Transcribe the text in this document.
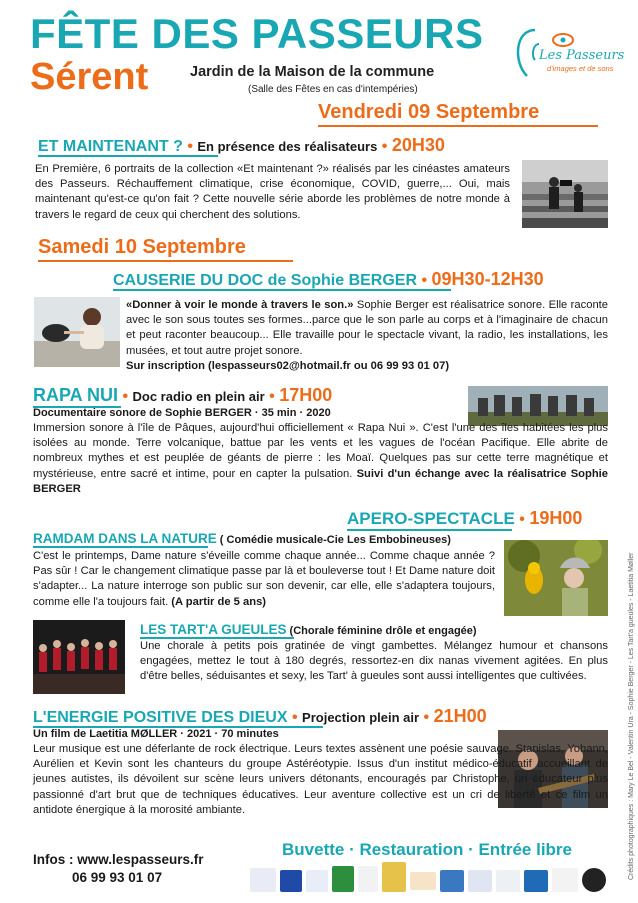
FÊTE DES PASSEURS
Sérent	Jardin de la Maison de la commune
(Salle des Fêtes en cas d'intempéries)
Les Passeurs
d'images et de sons
Vendredi 09 Septembre
ET MAINTENANT ? • En présence des réalisateurs • 20H30
En Première, 6 portraits de la collection «Et maintenant ?» réalisés par les cinéastes amateurs des Passeurs. Réchauffement climatique, crise économique, COVID, guerre,... Oui, mais maintenant qu'est-ce qu'on fait ? Cette nouvelle série aborde les problèmes de notre monde à travers le regard de ceux qui cherchent des solutions.
Samedi 10 Septembre
CAUSERIE DU DOC de Sophie BERGER • 09H30-12H30
«Donner à voir le monde à travers le son.» Sophie Berger est réalisatrice sonore. Elle raconte avec le son sous toutes ses formes...parce que le son parle au corps et à l'imaginaire de chacun et peut raconter beaucoup... Elle travaille pour le spectacle vivant, la radio, les installations, les musées, et tout autre projet sonore.
Sur inscription (lespasseurs02@hotmail.fr ou 06 99 93 01 07)
RAPA NUI • Doc radio en plein air • 17H00
Documentaire sonore de Sophie BERGER · 35 min · 2020
Immersion sonore à l'île de Pâques, aujourd'hui officiellement « Rapa Nui ». C'est l'une des îles habitées les plus isolées au monde. Terre volcanique, battue par les vents et les vagues de l'océan Pacifique. Elle abrite de nombreux mythes et est peuplée de géants de pierre : les Moaï. Quelques pas sur cette terre magnétique et mystérieuse, entre sacré et intime, pour en capter la pulsation. Suivi d'un échange avec la réalisatrice Sophie BERGER
APERO-SPECTACLE • 19H00
RAMDAM DANS LA NATURE ( Comédie musicale-Cie Les Embobineuses)
C'est le printemps, Dame nature s'éveille comme chaque année... Comme chaque année ? Pas sûr ! Car le changement climatique passe par là et bouleverse tout ! Et Dame nature doit s'adapter... La nature interroge son public sur son devenir, car elle, elle s'adaptera toujours, comme elle l'a toujours fait. (A partir de 5 ans)
LES TART'A GUEULES (Chorale féminine drôle et engagée)
Une chorale à petits pois gratinée de vingt gambettes. Mélangez humour et chansons engagées, mettez le tout à 180 degrés, ressortez-en dix nanas vivement agitées. En plus d'être belles, séduisantes et sexy, les Tart' à gueules sont aussi intelligentes que cultivées.
L'ENERGIE POSITIVE DES DIEUX • Projection plein air • 21H00
Un film de Laetitia MØLLER · 2021 · 70 minutes
Leur musique est une déferlante de rock électrique. Leurs textes assènent une poésie sauvage. Stanislas, Yohann, Aurélien et Kevin sont les chanteurs du groupe Astéréotypie. Issus d'un institut médico-éducatif accueillant de jeunes autistes, ils dévoilent sur scène leurs univers détonants, encouragés par Christophe, un éducateur plus passionné d'art brut que de techniques éducatives. Leur aventure collective est un cri de liberté et ce film un antidote énergique à la morosité ambiante.
Infos : www.lespasseurs.fr
06 99 93 01 07
Buvette · Restauration · Entrée libre	Crédits photographiques : Mary Le Bel - Valentin Ura - Sophie Berger - Les Tart'a gueules - Laetitia Møller
